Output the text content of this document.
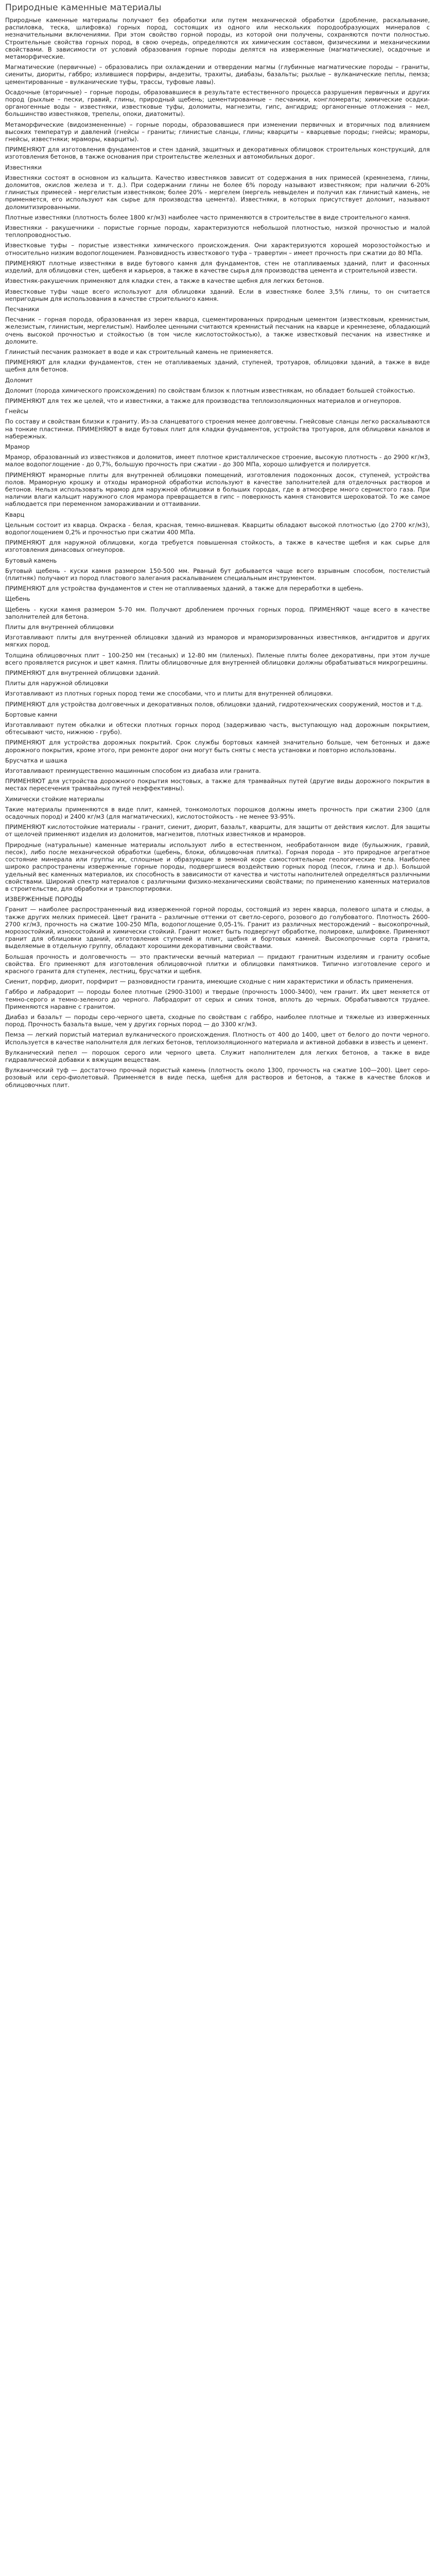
Природные каменные материалы

Природные каменные материалы получают без обработки или путем механической обработки (дробление, раскалывание, распиловка, теска, шлифовка) горных пород, состоящих из одного или нескольких породообразующих минералов с незначительными включениями. При этом свойство горной породы, из которой они получены, сохраняются почти полностью. Строительные свойства горных пород, в свою очередь, определяются их химическим составом, физическими и механическими свойствами. В зависимости от условий образования горные породы делятся на изверженные (магматические), осадочные и метаморфические.

Магматические (первичные) – образовались при охлаждении и отвердении магмы (глубинные магматические породы – граниты, сиениты, диориты, габбро; излившиеся порфиры, андезиты, трахиты, диабазы, базальты; рыхлые – вулканические пеплы, пемза; цементированные – вулканические туфы, трассы, туфовые лавы).

Осадочные (вторичные) – горные породы, образовавшиеся в результате естественного процесса разрушения первичных и других пород (рыхлые – пески, гравий, глины, природный щебень; цементированные – песчаники, конгломераты; химические осадки-органогенные воды – известняки, известковые туфы, доломиты, магнезиты, гипс, ангидрид; органогенные отложения – мел, большинство известняков, трепелы, опоки, диатомиты).

Метаморфические (видоизмененные) – горные породы, образовавшиеся при изменении первичных и вторичных под влиянием высоких температур и давлений (гнейсы – граниты; глинистые сланцы, глины; кварциты – кварцевые породы; гнейсы; мраморы, гнейсы, известняки; мраморы, кварциты).

ПРИМЕНЯЮТ для изготовления фундаментов и стен зданий, защитных и декоративных облицовок строительных конструкций, для изготовления бетонов, в также основания при строительстве железных и автомобильных дорог.

Известняки

Известняки состоят в основном из кальцита. Качество известняков зависит от содержания в них примесей (кремнезема, глины, доломитов, окислов железа и т. д.). При содержании глины не более 6% породу называют известняком; при наличии 6-20% глинистых примесей - мергелистым известняком; более 20% - мергелем (мергель невыделен и получил как глинистый камень, не применяется, его используют как сырье для производства цемента). Известняки, в которых присутствует доломит, называют доломитизированными.

Плотные известняки (плотность более 1800 кг/м3) наиболее часто применяются в строительстве в виде строительного камня.

Известняки - ракушечники - пористые горные породы, характеризуются небольшой плотностью, низкой прочностью и малой теплопроводностью.

Известковые туфы – пористые известняки химического происхождения. Они характеризуются хорошей морозостойкостью и относительно низким водопоглощением. Разновидность известкового туфа – травертин – имеет прочность при сжатии до 80 МПа.

ПРИМЕНЯЮТ плотные известняки в виде бутового камня для фундаментов, стен не отапливаемых зданий, плит и фасонных изделий, для облицовки стен, щебеня и карьеров, а также в качестве сырья для производства цемента и строительной извести.

Известняк-ракушечник применяют для кладки стен, а также в качестве щебня для легких бетонов.

Известковые туфы чаще всего используют для облицовки зданий. Если в известняке более 3,5% глины, то он считается непригодным для использования в качестве строительного камня.

Песчаники

Песчаник – горная порода, образованная из зерен кварца, сцементированных природным цементом (известковым, кремнистым, железистым, глинистым, мергелистым). Наиболее ценными считаются кремнистый песчаник на кварце и кремнеземе, обладающий очень высокой прочностью и стойкостью (в том числе кислотостойкостью), а также известковый песчаник на известняке и доломите.

Глинистый песчаник размокает в воде и как строительный камень не применяется.

ПРИМЕНЯЮТ для кладки фундаментов, стен не отапливаемых зданий, ступеней, тротуаров, облицовки зданий, а также в виде щебня для бетонов.

Доломит

Доломит (порода химического происхождения) по свойствам близок к плотным известнякам, но обладает большей стойкостью.

ПРИМЕНЯЮТ для тех же целей, что и известняки, а также для производства теплоизоляционных материалов и огнеупоров.

Гнейсы

По составу и свойствам близки к граниту. Из-за сланцеватого строения менее долговечны. Гнейсовые сланцы легко раскалываются на тонкие пластинки. ПРИМЕНЯЮТ в виде бутовых плит для кладки фундаментов, устройства тротуаров, для облицовки каналов и набережных.

Мрамор

Мрамор, образованный из известняков и доломитов, имеет плотное кристаллическое строение, высокую плотность - до 2900 кг/м3, малое водопоглощение - до 0,7%, большую прочность при сжатии - до 300 МПа, хорошо шлифуется и полируется.

ПРИМЕНЯЮТ мраморные плиты для внутренней облицовки помещений, изготовления подоконных досок, ступеней, устройства полов. Мраморную крошку и отходы мраморной обработки используют в качестве заполнителей для отделочных растворов и бетонов. Нельзя использовать мрамор для наружной облицовки в больших городах, где в атмосфере много сернистого газа. При наличии влаги кальцит наружного слоя мрамора превращается в гипс – поверхность камня становится шероховатой. То же самое наблюдается при переменном замораживании и оттаивании.

Кварц

Цельным состоит из кварца. Окраска - белая, красная, темно-вишневая. Кварциты обладают высокой плотностью (до 2700 кг/м3), водопоглощением 0,2% и прочностью при сжатии 400 МПа.

ПРИМЕНЯЮТ для наружной облицовки, когда требуется повышенная стойкость, а также в качестве щебня и как сырье для изготовления динасовых огнеупоров.

Бутовый камень

Бутовый щебень - куски камня размером 150-500 мм. Рваный бут добывается чаще всего взрывным способом, постелистый (плитняк) получают из пород пластового залегания раскалыванием специальным инструментом.

ПРИМЕНЯЮТ для устройства фундаментов и стен не отапливаемых зданий, а также для переработки в щебень.

Щебень

Щебень - куски камня размером 5-70 мм. Получают дроблением прочных горных пород. ПРИМЕНЯЮТ чаще всего в качестве заполнителей для бетона.

Плиты для внутренней облицовки

Изготавливают плиты для внутренней облицовки зданий из мраморов и мраморизированных известняков, ангидритов и других мягких пород.

Толщина облицовочных плит – 100-250 мм (тесаных) и 12-80 мм (пиленых). Пиленые плиты более декоративны, при этом лучше всего проявляется рисунок и цвет камня. Плиты облицовочные для внутренней облицовки должны обрабатываться микрогрешины.

ПРИМЕНЯЮТ для внутренней облицовки зданий.

Плиты для наружной облицовки

Изготавливают из плотных горных пород теми же способами, что и плиты для внутренней облицовки.

ПРИМЕНЯЮТ для устройства долговечных и декоративных полов, облицовки зданий, гидротехнических сооружений, мостов и т.д.

Бортовые камни

Изготавливают путем обкалки и обтески плотных горных пород (задерживаю часть, выступающую над дорожным покрытием, обтесывают чисто, нижнюю - грубо).

ПРИМЕНЯЮТ для устройства дорожных покрытий. Срок службы бортовых камней значительно больше, чем бетонных и даже дорожного покрытия, кроме этого, при ремонте дорог они могут быть сняты с места установки и повторно использованы.

Брусчатка и шашка

Изготавливают преимущественно машинным способом из диабаза или гранита.

ПРИМЕНЯЮТ для устройства дорожного покрытия мостовых, а также для трамвайных путей (другие виды дорожного покрытия в местах пересечения трамвайных путей неэффективны).

Химически стойкие материалы

Такие материалы применяются в виде плит, камней, тонкомолотых порошков должны иметь прочность при сжатии 2300 (для осадочных пород) и 2400 кг/м3 (для магматических), кислотостойкость - не менее 93-95%.

ПРИМЕНЯЮТ кислотостойкие материалы - гранит, сиенит, диорит, базальт, кварциты, для защиты от действия кислот. Для защиты от щелочей применяют изделия из доломитов, магнезитов, плотных известняков и мраморов.

Природные (натуральные) каменные материалы используют либо в естественном, необработанном виде (бульыжник, гравий, песок), либо после механической обработки (щебень, блоки, облицовочная плитка). Горная порода – это природное агрегатное состояние минерала или группы их, сплошные и образующие в земной коре самостоятельные геологические тела. Наиболее широко распространены изверженные горные породы, подвергшиеся воздействию горных пород (песок, глина и др.). Большой удельный вес каменных материалов, их способность в зависимости от качества и чистоты наполнителей определяться различными свойствами. Широкий спектр материалов с различными физико-механическими свойствами; по применению каменных материалов в строительстве, для обработки и транспортировки.

ИЗВЕРЖЕННЫЕ ПОРОДЫ

Гранит — наиболее распространенный вид изверженной горной породы, состоящий из зерен кварца, полевого шпата и слюды, а также других мелких примесей. Цвет гранита – различные оттенки от светло-серого, розового до голубоватого. Плотность 2600-2700 кг/м3, прочность на сжатие 100-250 МПа, водопоглощение 0,05-1%. Гранит из различных месторождений – высокопрочный, морозостойкий, износостойкий и химически стойкий. Гранит может быть подвергнут обработке, полировке, шлифовке. Применяют гранит для облицовки зданий, изготовления ступеней и плит, щебня и бортовых камней. Высокопрочные сорта гранита, выделяемые в отдельную группу, обладают хорошими декоративными свойствами.

Большая прочность и долговечность — это практически вечный материал — придают гранитным изделиям и граниту особые свойства. Его применяют для изготовления облицовочной плитки и облицовки памятников. Типично изготовление серого и красного гранита для ступенек, лестниц, брусчатки и щебня.

Сиенит, порфир, диорит, порфирит — разновидности гранита, имеющие сходные с ним характеристики и область применения.

Габбро и лабрадорит — породы более плотные (2900-3100) и твердые (прочность 1000-3400), чем гранит. Их цвет меняется от темно-серого и темно-зеленого до черного. Лабрадорит от серых и синих тонов, вплоть до черных. Обрабатываются труднее. Применяются наравне с гранитом.

Диабаз и базальт — породы серо-черного цвета, сходные по свойствам с габбро, наиболее плотные и тяжелые из изверженных пород. Прочность базальта выше, чем у других горных пород — до 3300 кг/м3.

Пемза — легкий пористый материал вулканического происхождения. Плотность от 400 до 1400, цвет от белого до почти черного. Используется в качестве наполнителя для легких бетонов, теплоизоляционного материала и активной добавки в известь и цемент.

Вулканический пепел — порошок серого или черного цвета. Служит наполнителем для легких бетонов, а также в виде гидравлической добавки к вяжущим веществам.

Вулканический туф — достаточно прочный пористый камень (плотность около 1300, прочность на сжатие 100—200). Цвет серо-розовый или серо-фиолетовый. Применяется в виде песка, щебня для растворов и бетонов, а также в качестве блоков и облицовочных плит.
